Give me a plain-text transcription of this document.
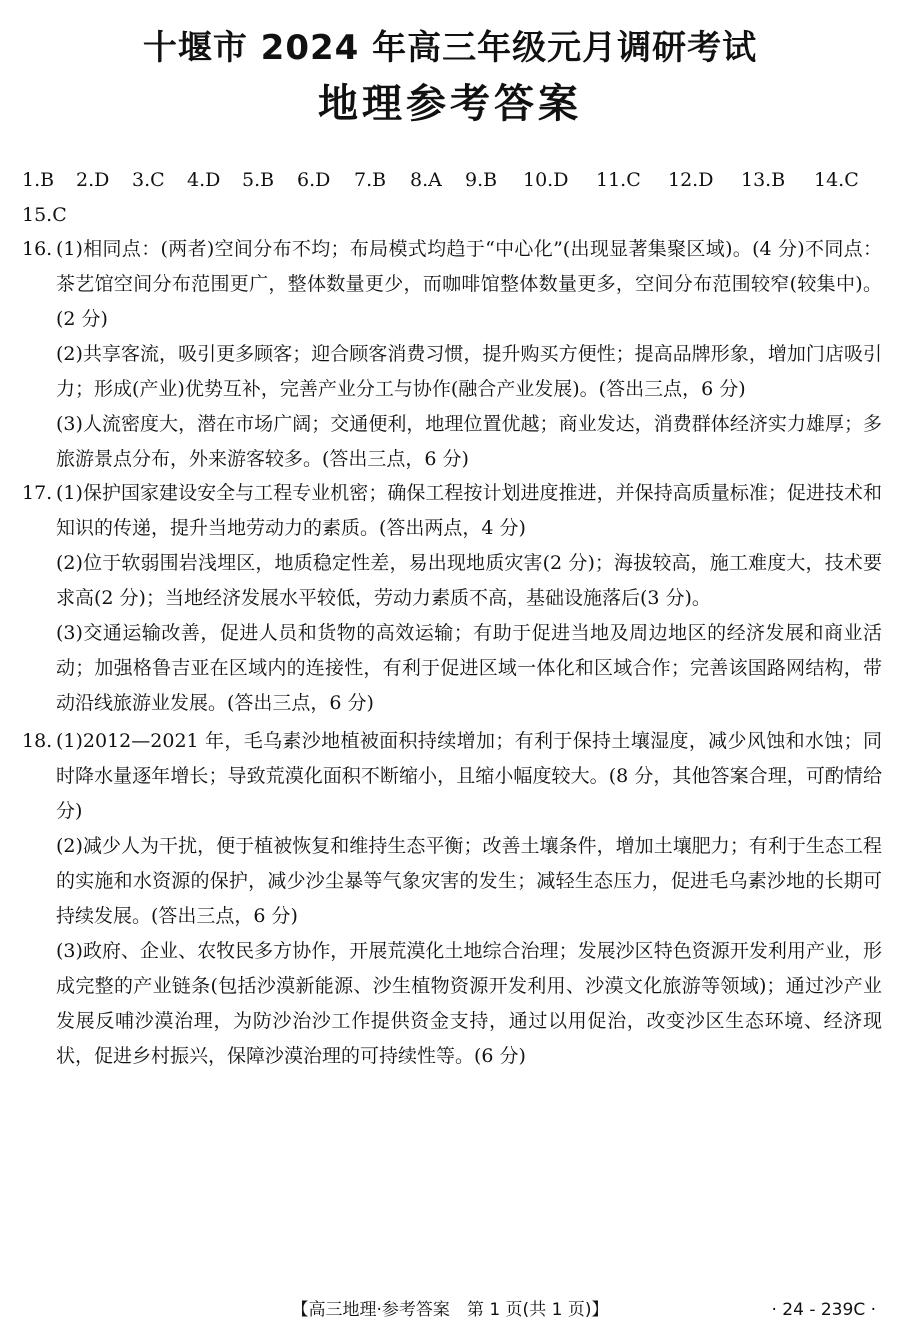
十堰市 2024 年高三年级元月调研考试
地理参考答案
1.B 2.D 3.C 4.D 5.B 6.D 7.B 8.A 9.B 10.D 11.C 12.D 13.B 14.C
15.C
16. (1)相同点：(两者)空间分布不均；布局模式均趋于“中心化”(出现显著集聚区域)。(4 分)不同点：茶艺馆空间分布范围更广，整体数量更少，而咖啡馆整体数量更多，空间分布范围较窄(较集中)。(2 分)

(2)共享客流，吸引更多顾客；迎合顾客消费习惯，提升购买方便性；提高品牌形象，增加门店吸引力；形成(产业)优势互补，完善产业分工与协作(融合产业发展)。(答出三点，6 分)

(3)人流密度大，潜在市场广阔；交通便利，地理位置优越；商业发达，消费群体经济实力雄厚；多旅游景点分布，外来游客较多。(答出三点，6 分)

17. (1)保护国家建设安全与工程专业机密；确保工程按计划进度推进，并保持高质量标准；促进技术和知识的传递，提升当地劳动力的素质。(答出两点，4 分)

(2)位于软弱围岩浅埋区，地质稳定性差，易出现地质灾害(2 分)；海拔较高，施工难度大，技术要求高(2 分)；当地经济发展水平较低，劳动力素质不高，基础设施落后(3 分)。

(3)交通运输改善，促进人员和货物的高效运输；有助于促进当地及周边地区的经济发展和商业活动；加强格鲁吉亚在区域内的连接性，有利于促进区域一体化和区域合作；完善该国路网结构，带动沿线旅游业发展。(答出三点，6 分)

18. (1)2012—2021 年，毛乌素沙地植被面积持续增加；有利于保持土壤湿度，减少风蚀和水蚀；同时降水量逐年增长；导致荒漠化面积不断缩小，且缩小幅度较大。(8 分，其他答案合理，可酌情给分)

(2)减少人为干扰，便于植被恢复和维持生态平衡；改善土壤条件，增加土壤肥力；有利于生态工程的实施和水资源的保护，减少沙尘暴等气象灾害的发生；减轻生态压力，促进毛乌素沙地的长期可持续发展。(答出三点，6 分)

(3)政府、企业、农牧民多方协作，开展荒漠化土地综合治理；发展沙区特色资源开发利用产业，形成完整的产业链条(包括沙漠新能源、沙生植物资源开发利用、沙漠文化旅游等领域)；通过沙产业发展反哺沙漠治理，为防沙治沙工作提供资金支持，通过以用促治，改变沙区生态环境、经济现状，促进乡村振兴，保障沙漠治理的可持续性等。(6 分)

【高三地理·参考答案　第 1 页(共 1 页)】	· 24 - 239C ·
